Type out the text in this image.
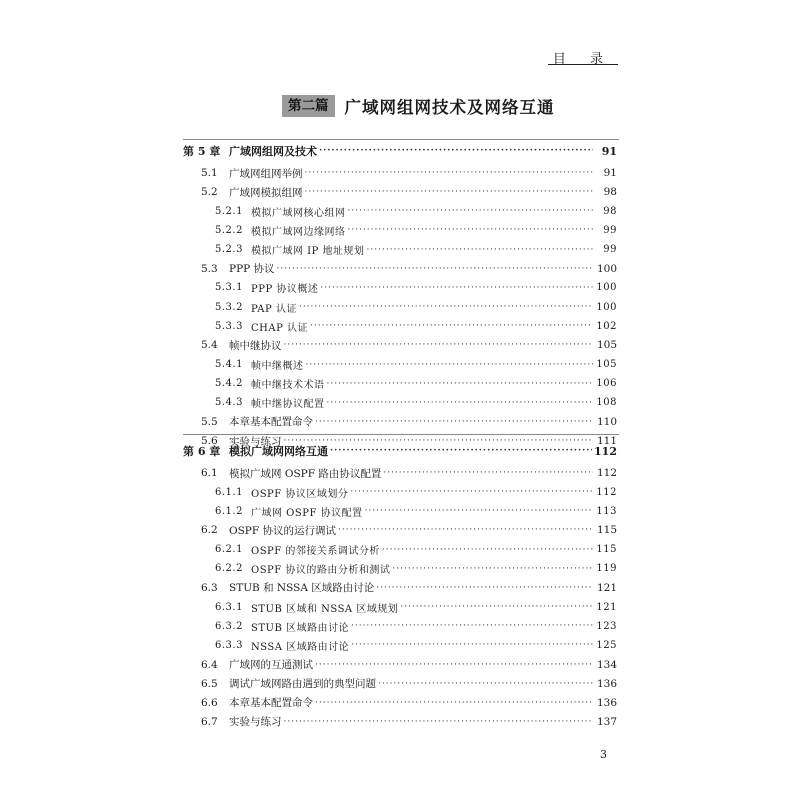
目 录
第二篇 广域网组网技术及网络互通
第 5 章 广域网组网及技术 ·····	91
5.1	广域网组网举例 ·····	91
5.2	广域网模拟组网 ·····	98
5.2.1 模拟广域网核心组网 ·····	98
5.2.2 模拟广域网边缘网络 ·····	99
5.2.3 模拟广域网 IP 地址规划 ·····	99
5.3	PPP 协议 ·····	100
5.3.1 PPP 协议概述 ·····	100
5.3.2 PAP 认证 ·····	100
5.3.3 CHAP 认证 ·····	102
5.4	帧中继协议 ·····	105
5.4.1 帧中继概述 ·····	105
5.4.2 帧中继技术术语 ·····	106
5.4.3 帧中继协议配置 ·····	108
5.5	本章基本配置命令 ·····	110
5.6	实验与练习 ·····	111
第 6 章 模拟广域网网络互通 ·····	112
6.1	模拟广域网 OSPF 路由协议配置 ·····	112
6.1.1 OSPF 协议区域划分 ·····	112
6.1.2 广域网 OSPF 协议配置 ·····	113
6.2	OSPF 协议的运行调试 ·····	115
6.2.1 OSPF 的邻接关系调试分析 ·····	115
6.2.2 OSPF 协议的路由分析和测试 ·····	119
6.3	STUB 和 NSSA 区域路由讨论 ·····	121
6.3.1 STUB 区域和 NSSA 区域规划 ·····	121
6.3.2 STUB 区域路由讨论 ·····	123
6.3.3 NSSA 区域路由讨论 ·····	125
6.4	广域网的互通测试 ·····	134
6.5	调试广域网路由遇到的典型问题 ·····	136
6.6	本章基本配置命令 ·····	136
6.7	实验与练习 ·····	137
3
